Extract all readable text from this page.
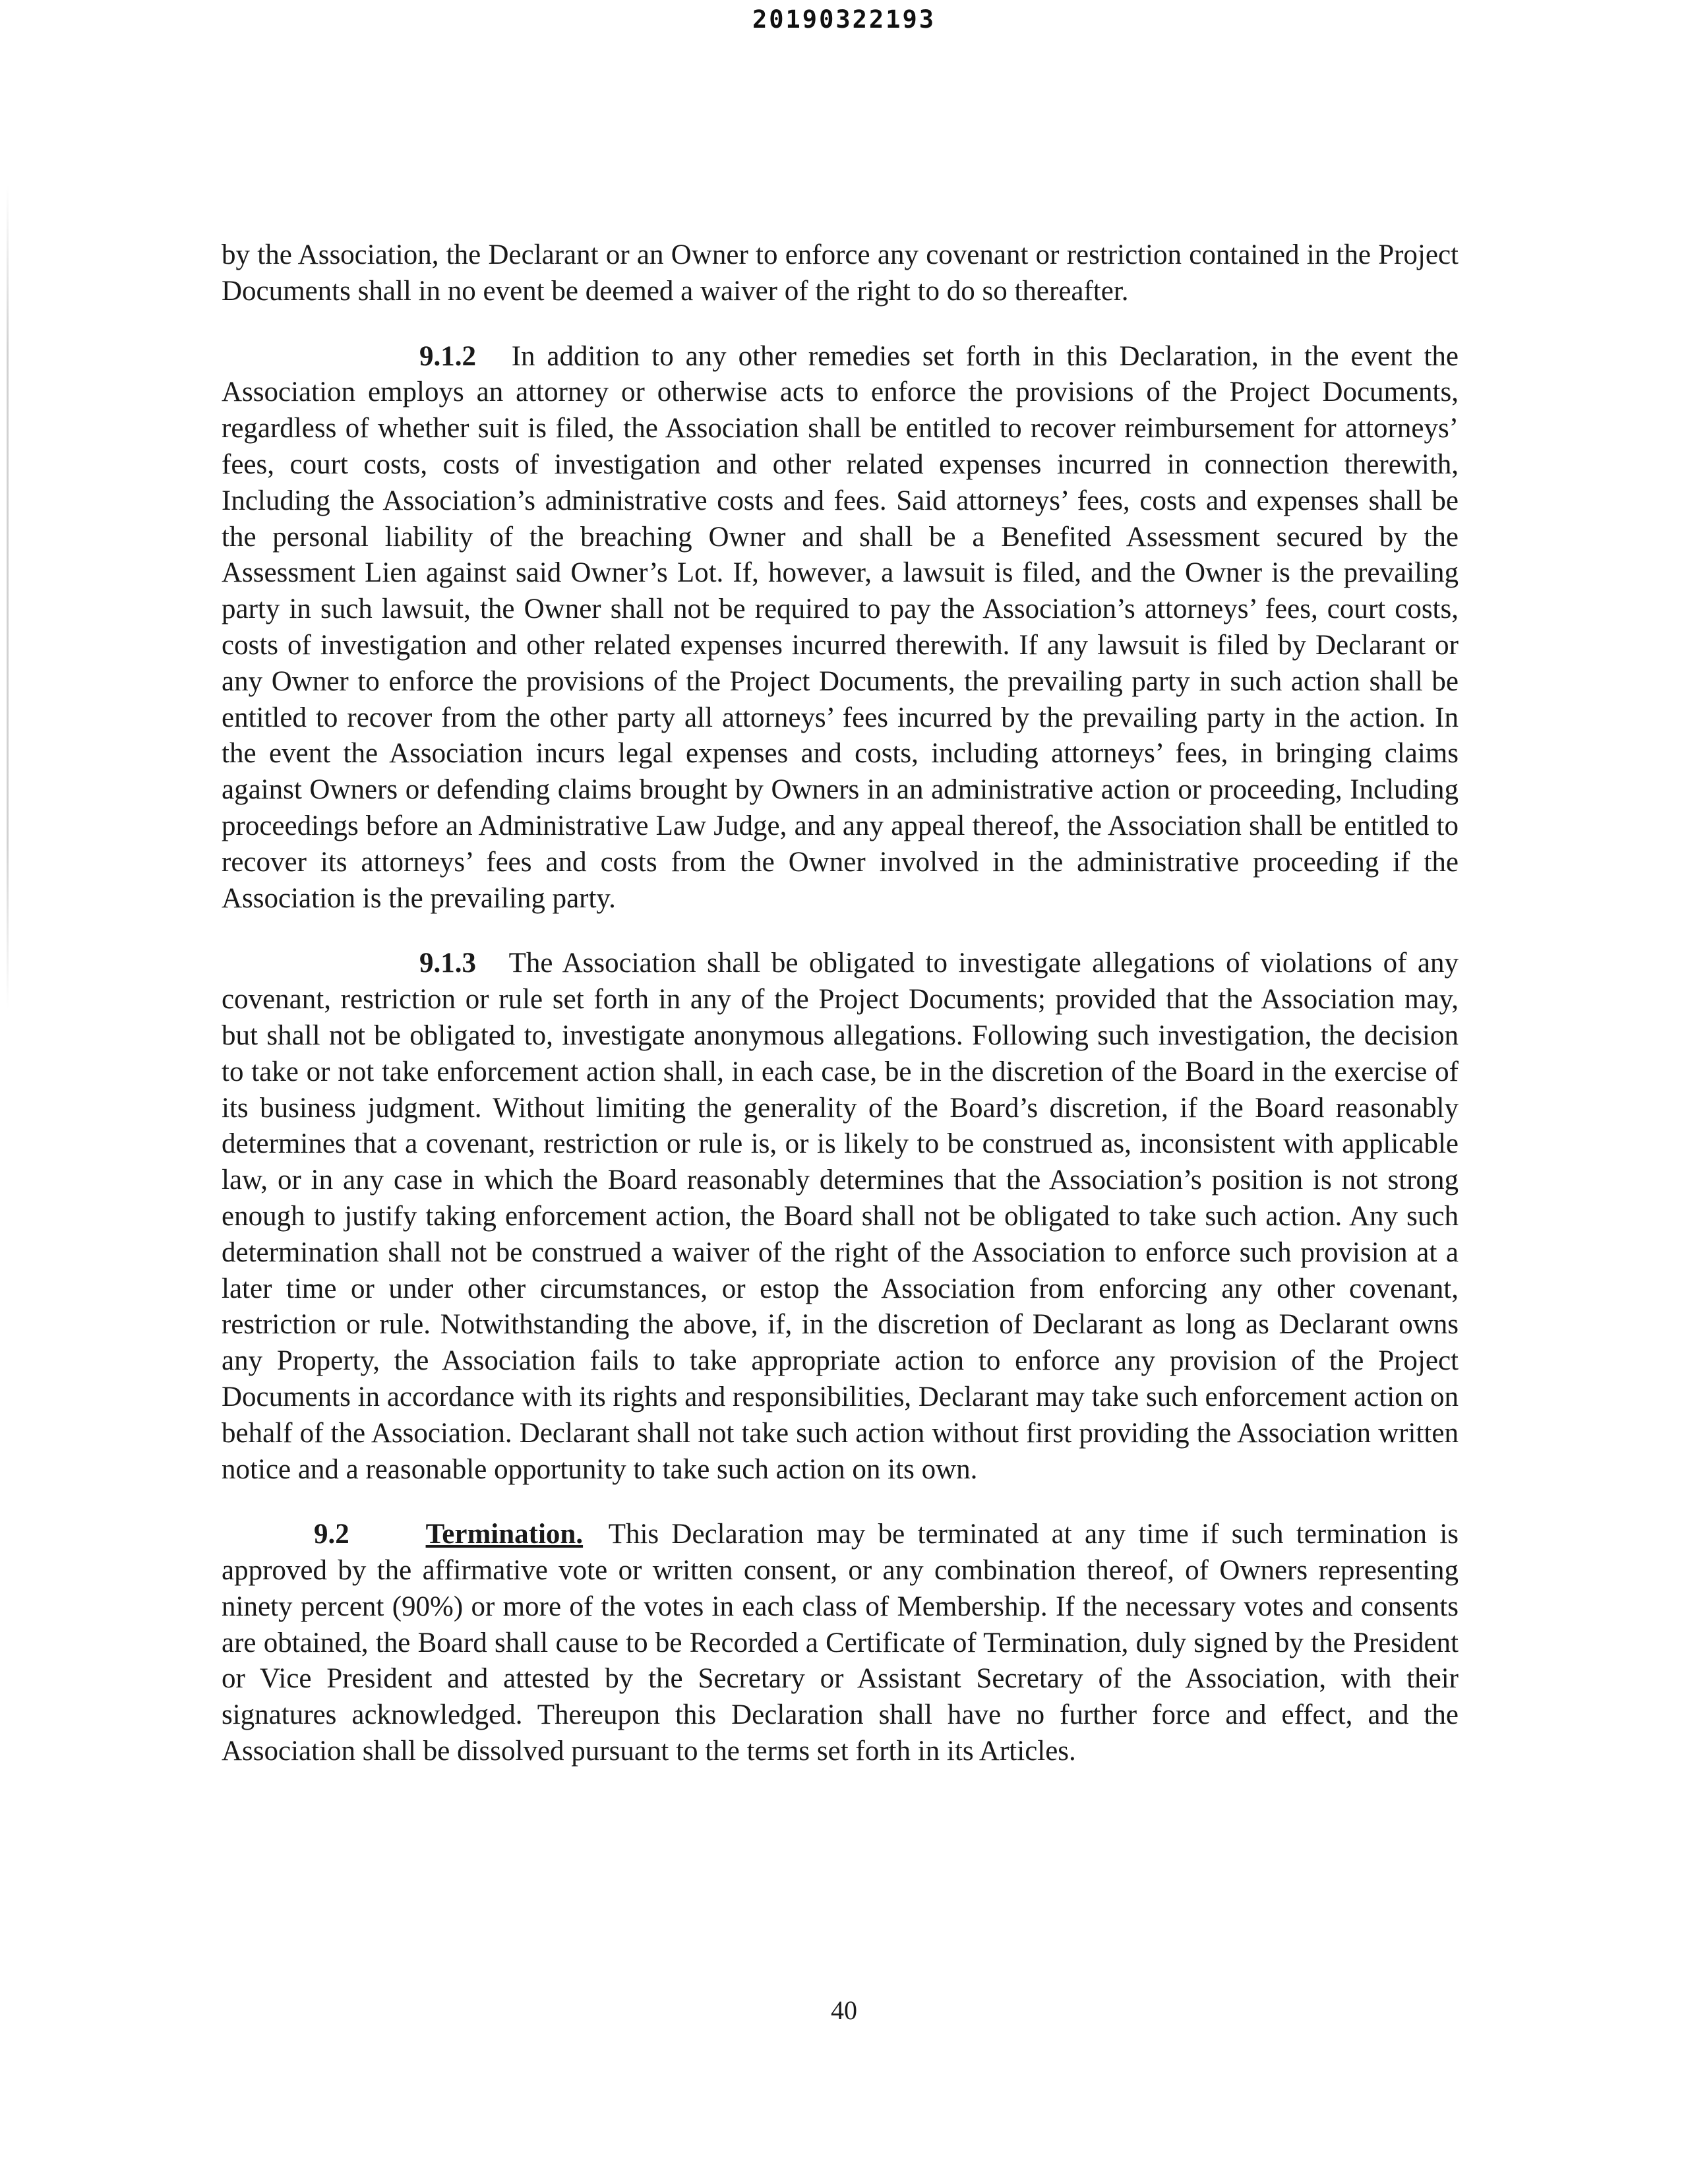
20190322193

by the Association, the Declarant or an Owner to enforce any covenant or restriction contained in the Project Documents shall in no event be deemed a waiver of the right to do so thereafter.

9.1.2 In addition to any other remedies set forth in this Declaration, in the event the Association employs an attorney or otherwise acts to enforce the provisions of the Project Documents, regardless of whether suit is filed, the Association shall be entitled to recover reimbursement for attorneys’ fees, court costs, costs of investigation and other related expenses incurred in connection therewith, Including the Association’s administrative costs and fees. Said attorneys’ fees, costs and expenses shall be the personal liability of the breaching Owner and shall be a Benefited Assessment secured by the Assessment Lien against said Owner’s Lot. If, however, a lawsuit is filed, and the Owner is the prevailing party in such lawsuit, the Owner shall not be required to pay the Association’s attorneys’ fees, court costs, costs of investigation and other related expenses incurred therewith. If any lawsuit is filed by Declarant or any Owner to enforce the provisions of the Project Documents, the prevailing party in such action shall be entitled to recover from the other party all attorneys’ fees incurred by the prevailing party in the action. In the event the Association incurs legal expenses and costs, including attorneys’ fees, in bringing claims against Owners or defending claims brought by Owners in an administrative action or proceeding, Including proceedings before an Administrative Law Judge, and any appeal thereof, the Association shall be entitled to recover its attorneys’ fees and costs from the Owner involved in the administrative proceeding if the Association is the prevailing party.

9.1.3 The Association shall be obligated to investigate allegations of violations of any covenant, restriction or rule set forth in any of the Project Documents; provided that the Association may, but shall not be obligated to, investigate anonymous allegations. Following such investigation, the decision to take or not take enforcement action shall, in each case, be in the discretion of the Board in the exercise of its business judgment. Without limiting the generality of the Board’s discretion, if the Board reasonably determines that a covenant, restriction or rule is, or is likely to be construed as, inconsistent with applicable law, or in any case in which the Board reasonably determines that the Association’s position is not strong enough to justify taking enforcement action, the Board shall not be obligated to take such action. Any such determination shall not be construed a waiver of the right of the Association to enforce such provision at a later time or under other circumstances, or estop the Association from enforcing any other covenant, restriction or rule. Notwithstanding the above, if, in the discretion of Declarant as long as Declarant owns any Property, the Association fails to take appropriate action to enforce any provision of the Project Documents in accordance with its rights and responsibilities, Declarant may take such enforcement action on behalf of the Association. Declarant shall not take such action without first providing the Association written notice and a reasonable opportunity to take such action on its own.

9.2	Termination. This Declaration may be terminated at any time if such termination is approved by the affirmative vote or written consent, or any combination thereof, of Owners representing ninety percent (90%) or more of the votes in each class of Membership. If the necessary votes and consents are obtained, the Board shall cause to be Recorded a Certificate of Termination, duly signed by the President or Vice President and attested by the Secretary or Assistant Secretary of the Association, with their signatures acknowledged. Thereupon this Declaration shall have no further force and effect, and the Association shall be dissolved pursuant to the terms set forth in its Articles.

40
